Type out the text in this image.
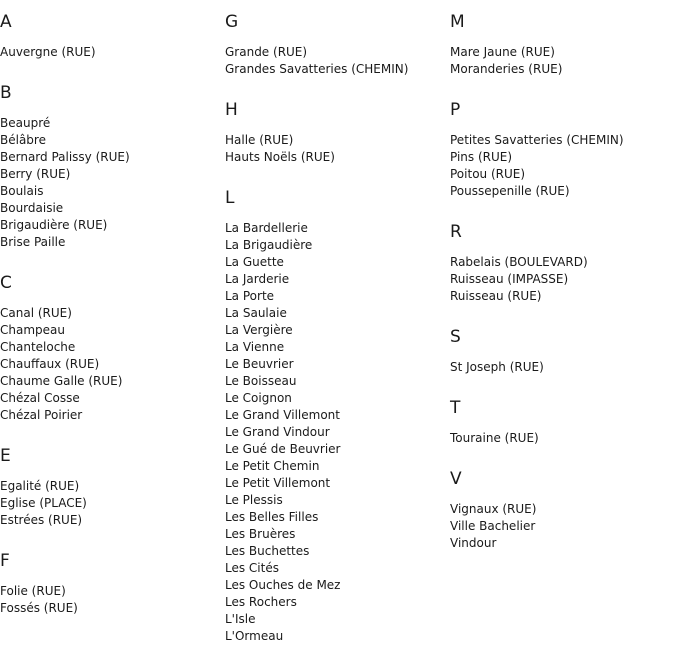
A
Auvergne (RUE)
B
Beaupré
Bélâbre
Bernard Palissy (RUE)
Berry (RUE)
Boulais
Bourdaisie
Brigaudière (RUE)
Brise Paille
C
Canal (RUE)
Champeau
Chanteloche
Chauffaux (RUE)
Chaume Galle (RUE)
Chézal Cosse
Chézal Poirier
E
Egalité (RUE)
Eglise (PLACE)
Estrées (RUE)
F
Folie (RUE)
Fossés (RUE)
G
Grande (RUE)
Grandes Savatteries (CHEMIN)
H
Halle (RUE)
Hauts Noëls (RUE)
L
La Bardellerie
La Brigaudière
La Guette
La Jarderie
La Porte
La Saulaie
La Vergière
La Vienne
Le Beuvrier
Le Boisseau
Le Coignon
Le Grand Villemont
Le Grand Vindour
Le Gué de Beuvrier
Le Petit Chemin
Le Petit Villemont
Le Plessis
Les Belles Filles
Les Bruères
Les Buchettes
Les Cités
Les Ouches de Mez
Les Rochers
L'Isle
L'Ormeau
M
Mare Jaune (RUE)
Moranderies (RUE)
P
Petites Savatteries (CHEMIN)
Pins (RUE)
Poitou (RUE)
Poussepenille (RUE)
R
Rabelais (BOULEVARD)
Ruisseau (IMPASSE)
Ruisseau (RUE)
S
St Joseph (RUE)
T
Touraine (RUE)
V
Vignaux (RUE)
Ville Bachelier
Vindour
